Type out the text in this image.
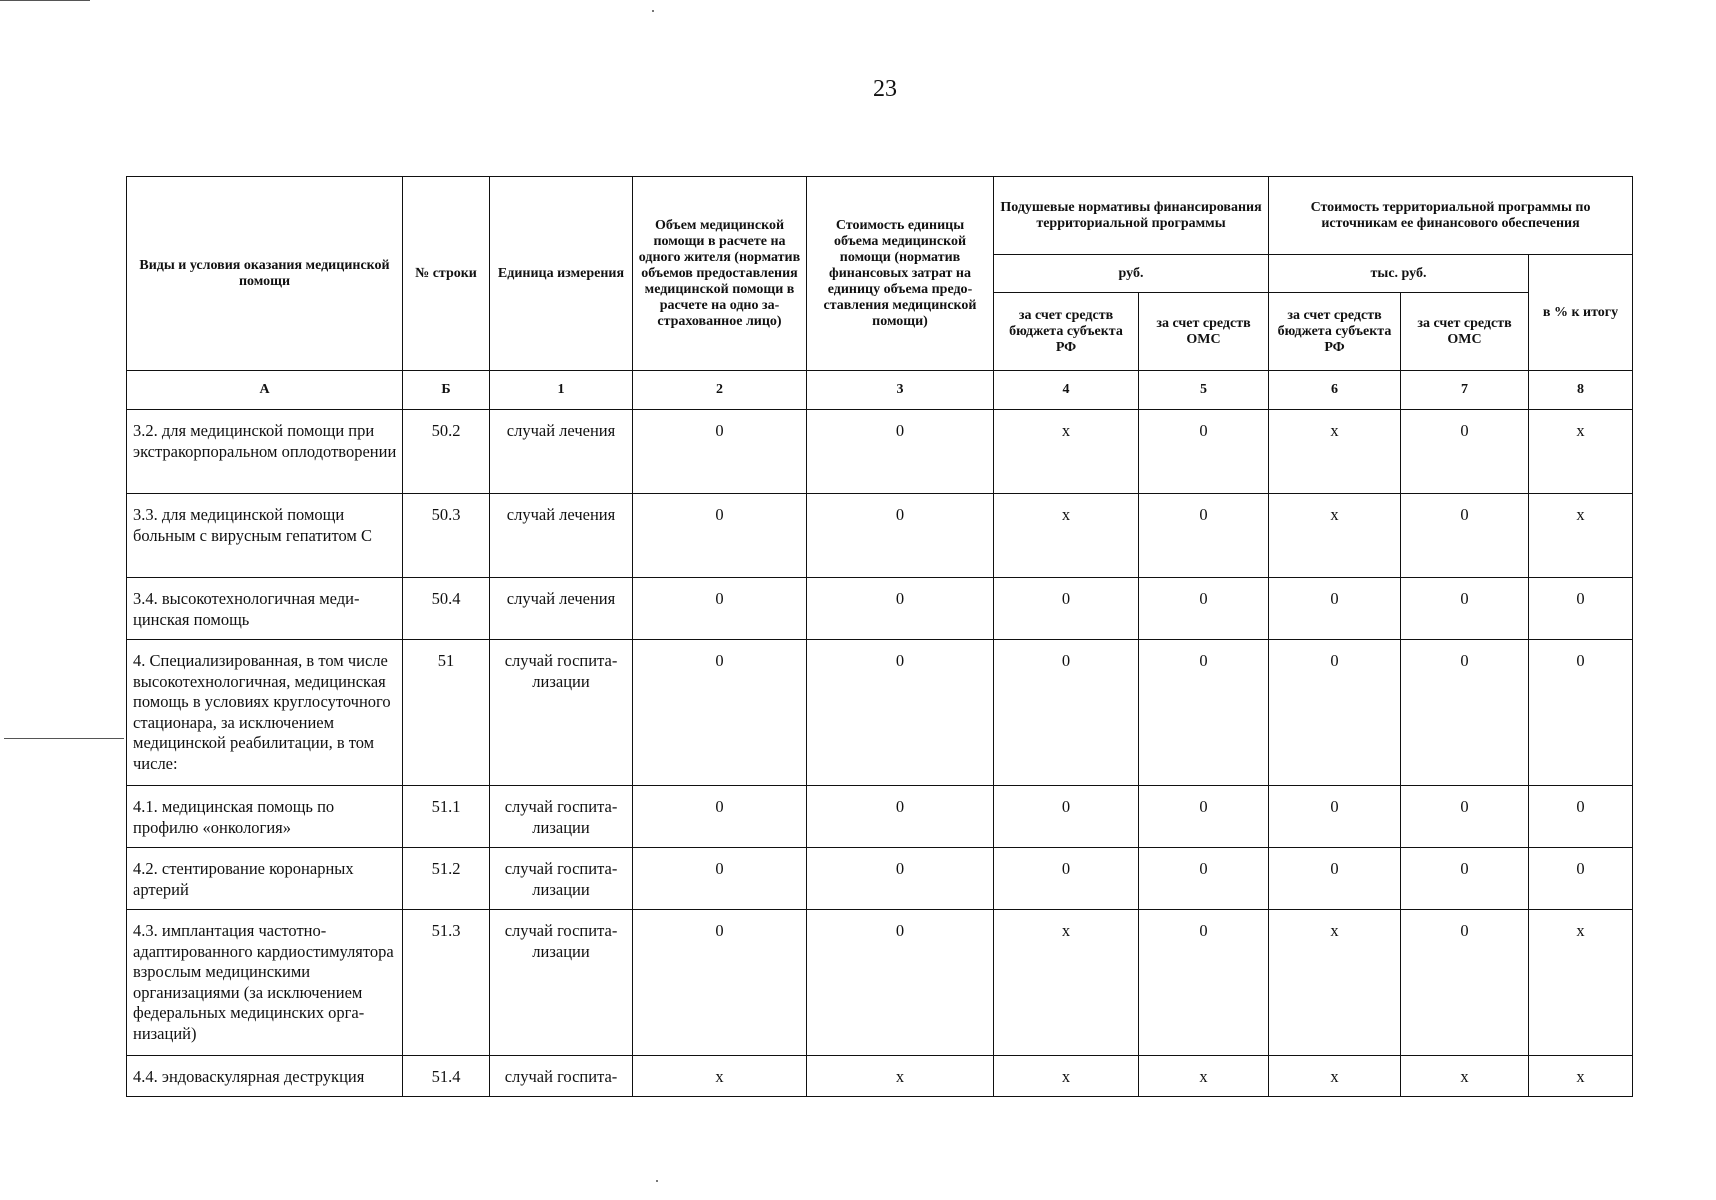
23
Виды и условия оказания медицинской помощи	№ строки	Единица измерения	Объем медицинской помощи в расчете на одного жителя (норматив объемов предоставления медицинской помощи в расчете на одно застрахованное лицо)	Стоимость единицы объема медицинской помощи (норматив финансовых затрат на единицу объема предоставления медицинской помощи)	Подушевые нормативы финансирования территориальной программы		Стоимость территориальной программы по источникам ее финансового обеспечения		
					руб.		тыс. руб.		в % к итогу
					за счет средств бюджета субъекта РФ	за счет средств ОМС	за счет средств бюджета субъекта РФ	за счет средств ОМС	
А	Б	1	2	3	4	5	6	7	8
3.2. для медицинской помощи при экстракорпоральном оплодотворении	50.2	случай лечения	0	0	х	0	х	0	х
3.3. для медицинской помощи больным с вирусным гепатитом С	50.3	случай лечения	0	0	х	0	х	0	х
3.4. высокотехнологичная медицинская помощь	50.4	случай лечения	0	0	0	0	0	0	0
4. Специализированная, в том числе высокотехнологичная, медицинская помощь в условиях круглосуточного стационара, за исключением медицинской реабилитации, в том числе:	51	случай госпитализации	0	0	0	0	0	0	0
4.1. медицинская помощь по профилю «онкология»	51.1	случай госпитализации	0	0	0	0	0	0	0
4.2. стентирование коронарных артерий	51.2	случай госпитализации	0	0	0	0	0	0	0
4.3. имплантация частотноадаптированного кардиостимулятора взрослым медицинскими организациями (за исключением федеральных медицинских организаций)	51.3	случай госпитализации	0	0	х	0	х	0	х
4.4. эндоваскулярная деструкция	51.4	случай госпита-	х	х	х	х	х	х	х
